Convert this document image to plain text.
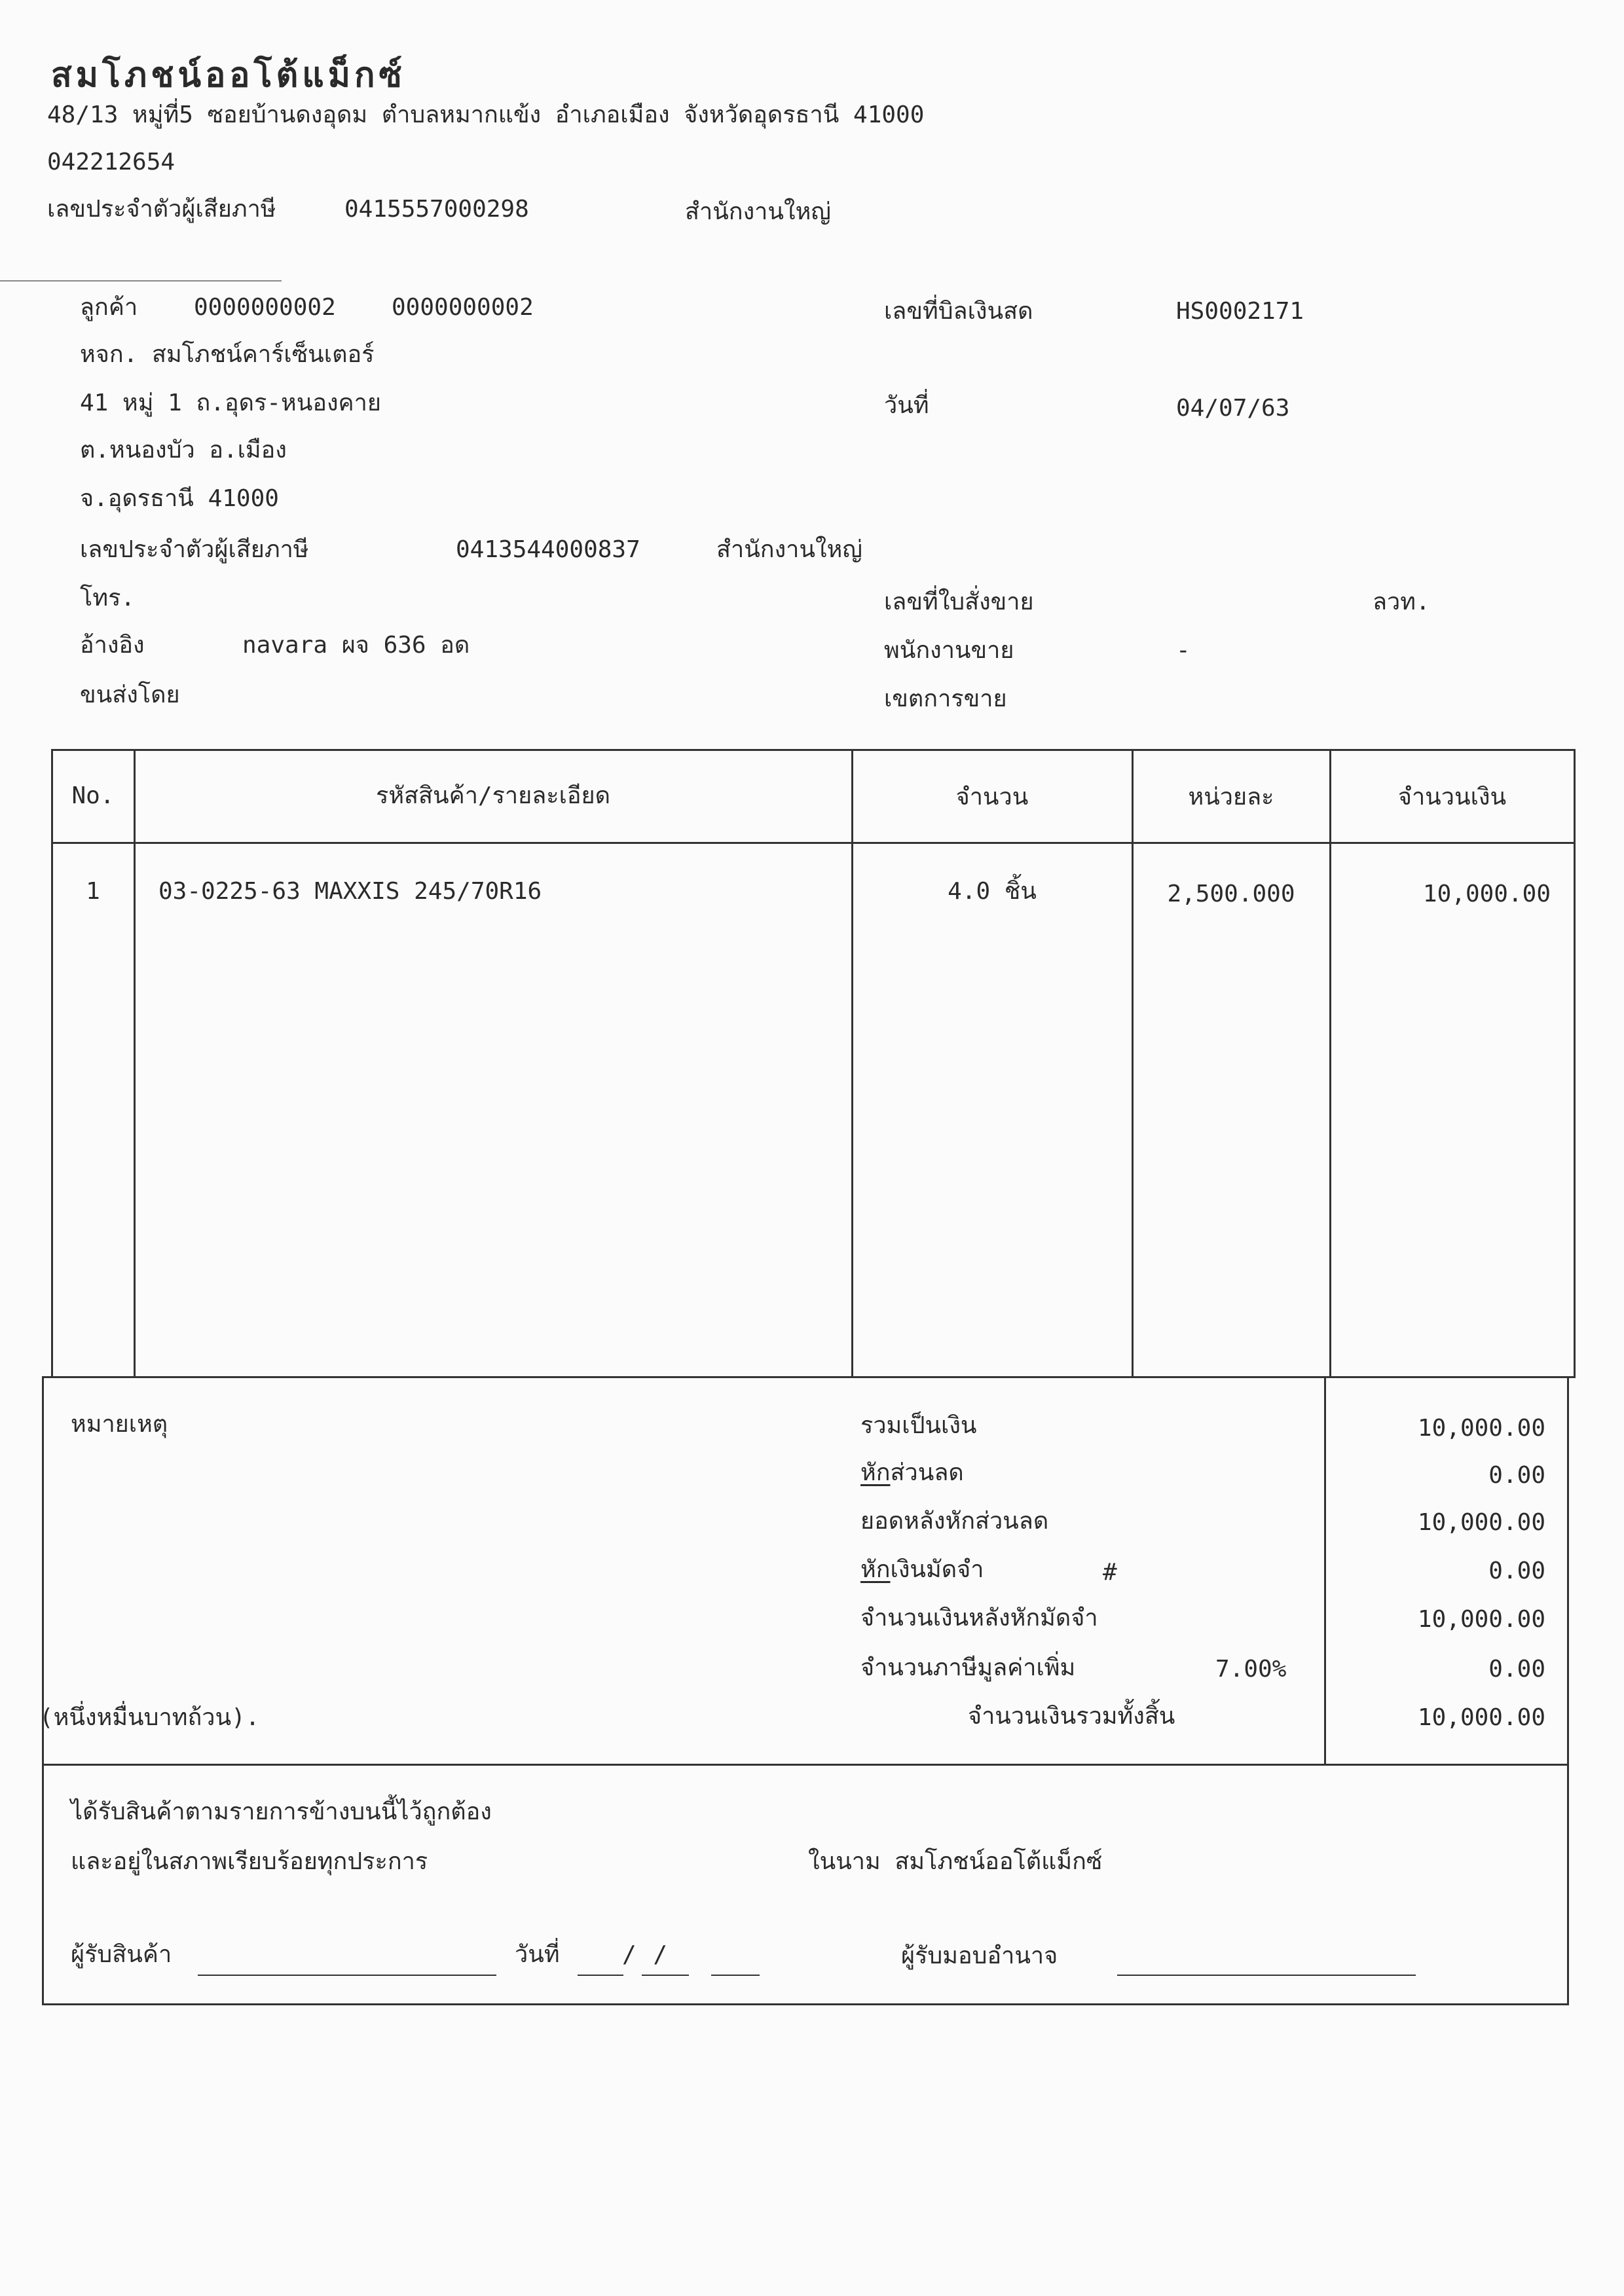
สมโภชน์ออโต้แม็กซ์
48/13 หมู่ที่5 ซอยบ้านดงอุดม ตำบลหมากแข้ง อำเภอเมือง จังหวัดอุดรธานี 41000
042212654
เลขประจำตัวผู้เสียภาษี	0415557000298	สำนักงานใหญ่
ลูกค้า 0000000002 0000000002
หจก. สมโภชน์คาร์เซ็นเตอร์
41 หมู่ 1 ถ.อุดร-หนองคาย
ต.หนองบัว อ.เมือง
จ.อุดรธานี 41000
เลขประจำตัวผู้เสียภาษี	0413544000837	สำนักงานใหญ่
โทร.
อ้างอิง	navara ผจ 636 อด
ขนส่งโดย
เลขที่บิลเงินสด	HS0002171
วันที่	04/07/63
เลขที่ใบสั่งขาย	ลวท.
พนักงานขาย	-
เขตการขาย
No.	รหัสสินค้า/รายละเอียด	จำนวน	หน่วยละ	จำนวนเงิน
1	03-0225-63 MAXXIS 245/70R16	4.0 ชิ้น	2,500.000	10,000.00
หมายเหตุ
(หนึ่งหมื่นบาทถ้วน).
รวมเป็นเงิน	10,000.00
หักส่วนลด	0.00
ยอดหลังหักส่วนลด	10,000.00
หักเงินมัดจำ	#	0.00
จำนวนเงินหลังหักมัดจำ	10,000.00
จำนวนภาษีมูลค่าเพิ่ม	7.00%	0.00
จำนวนเงินรวมทั้งสิ้น	10,000.00
ได้รับสินค้าตามรายการข้างบนนี้ไว้ถูกต้อง
และอยู่ในสภาพเรียบร้อยทุกประการ	ในนาม สมโภชน์ออโต้แม็กซ์
ผู้รับสินค้า	วันที่	/ /	ผู้รับมอบอำนาจ
